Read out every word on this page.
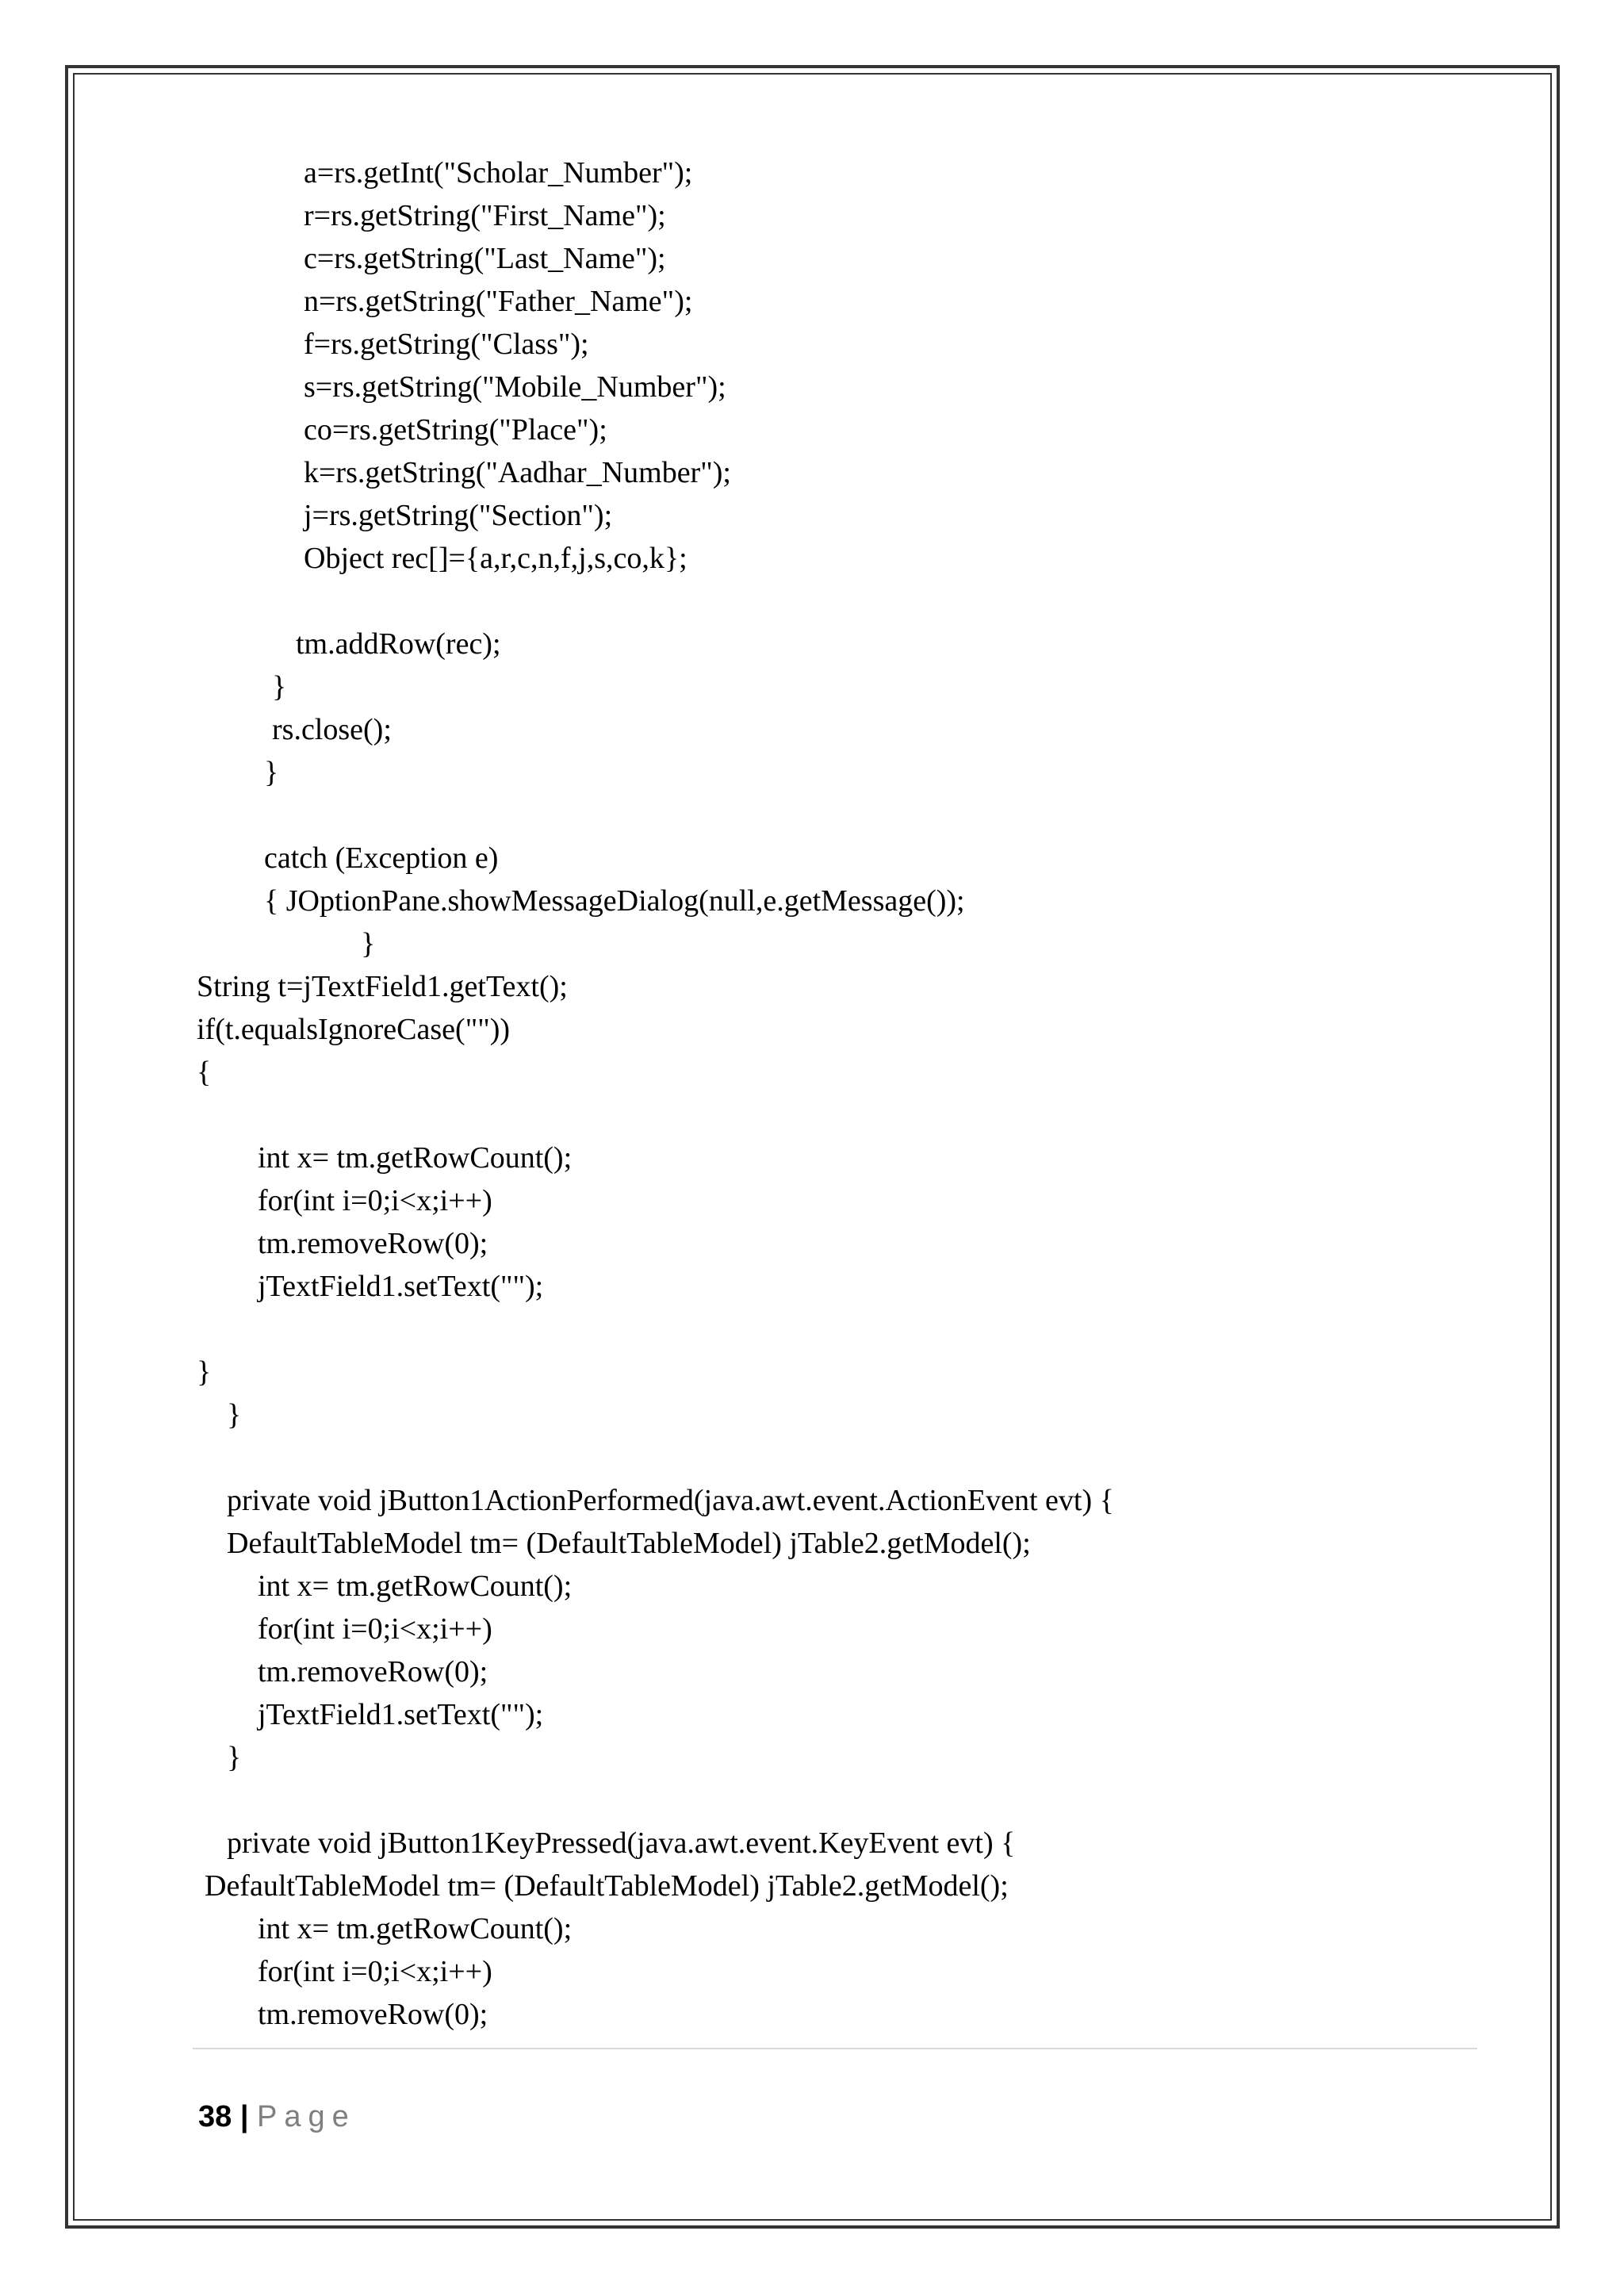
a=rs.getInt("Scholar_Number");
r=rs.getString("First_Name");
c=rs.getString("Last_Name");
n=rs.getString("Father_Name");
f=rs.getString("Class");
s=rs.getString("Mobile_Number");
co=rs.getString("Place");
k=rs.getString("Aadhar_Number");
j=rs.getString("Section");
Object rec[]={a,r,c,n,f,j,s,co,k};
tm.addRow(rec);
}
rs.close();
}
catch (Exception e)
{ JOptionPane.showMessageDialog(null,e.getMessage());
}
String t=jTextField1.getText();
if(t.equalsIgnoreCase(""))
{
int x= tm.getRowCount();
for(int i=0;i<x;i++)
tm.removeRow(0);
jTextField1.setText("");
}
}
private void jButton1ActionPerformed(java.awt.event.ActionEvent evt) {
DefaultTableModel tm= (DefaultTableModel) jTable2.getModel();
int x= tm.getRowCount();
for(int i=0;i<x;i++)
tm.removeRow(0);
jTextField1.setText("");
}
private void jButton1KeyPressed(java.awt.event.KeyEvent evt) {
DefaultTableModel tm= (DefaultTableModel) jTable2.getModel();
int x= tm.getRowCount();
for(int i=0;i<x;i++)
tm.removeRow(0);
38 | Page
